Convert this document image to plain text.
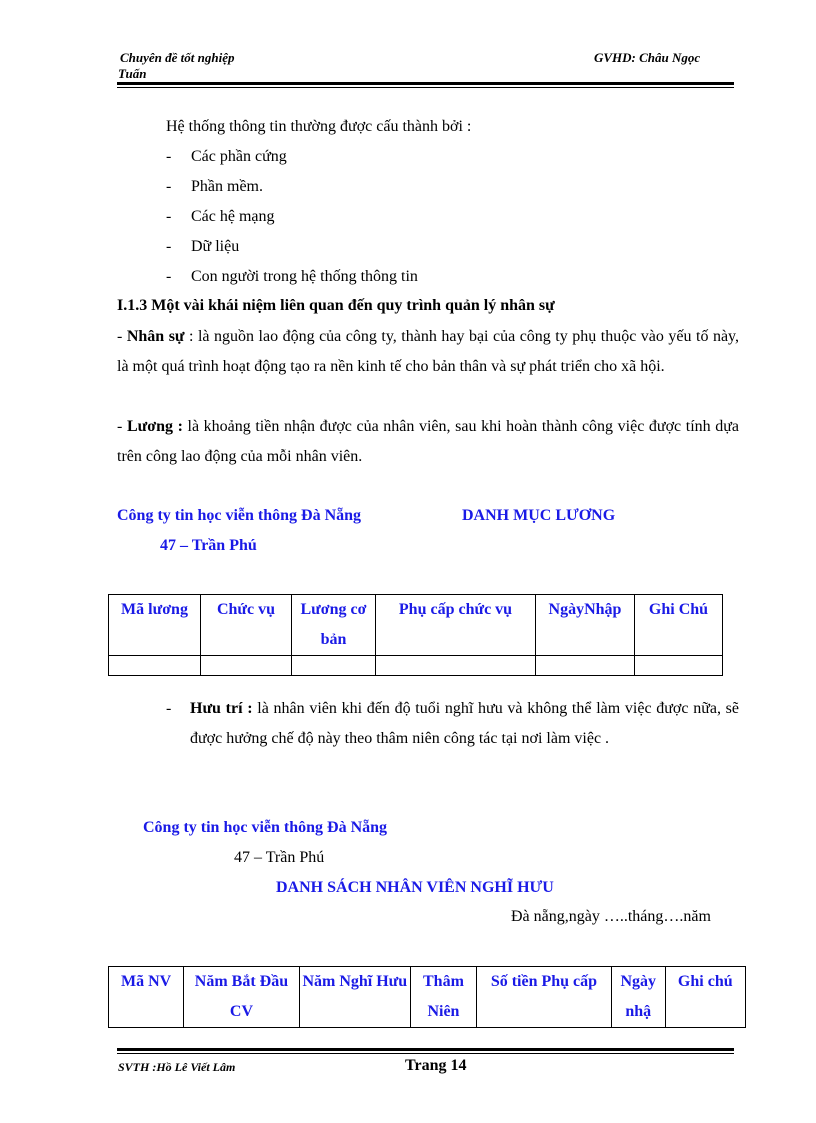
Chuyên đề tốt nghiệp
Tuấn
GVHD: Châu Ngọc
Hệ thống thông tin thường được cấu thành bởi :
- Các phần cứng
- Phần mềm.
- Các hệ mạng
- Dữ liệu
- Con người trong hệ thống thông tin
I.1.3 Một vài khái niệm liên quan đến quy trình quản lý nhân sự
- Nhân sự : là nguồn lao động của công ty, thành hay bại của công ty phụ thuộc vào yếu tố này, là một quá trình hoạt động tạo ra nền kinh tế cho bản thân và sự phát triển cho xã hội.
- Lương : là khoảng tiền nhận được của nhân viên, sau khi hoàn thành công việc được tính dựa trên công lao động của mỗi nhân viên.
Công ty tin học viễn thông Đà Nẵng	DANH MỤC LƯƠNG
47 – Trần Phú
Mã lương	Chức vụ	Lương cơ bản	Phụ cấp chức vụ	NgàyNhập	Ghi Chú

- Hưu trí : là nhân viên khi đến độ tuổi nghĩ hưu và không thể làm việc được nữa, sẽ được hưởng chế độ này theo thâm niên công tác tại nơi làm việc .
Công ty tin học viễn thông Đà Nẵng
47 – Trần Phú
DANH SÁCH NHÂN VIÊN NGHĨ HƯU
Đà nẵng,ngày …..tháng….năm
Mã NV	Năm Bắt Đầu CV	Năm Nghĩ Hưu	Thâm Niên	Số tiền Phụ cấp	Ngày nhậ	Ghi chú
SVTH :Hồ Lê Viết Lâm	Trang 14
